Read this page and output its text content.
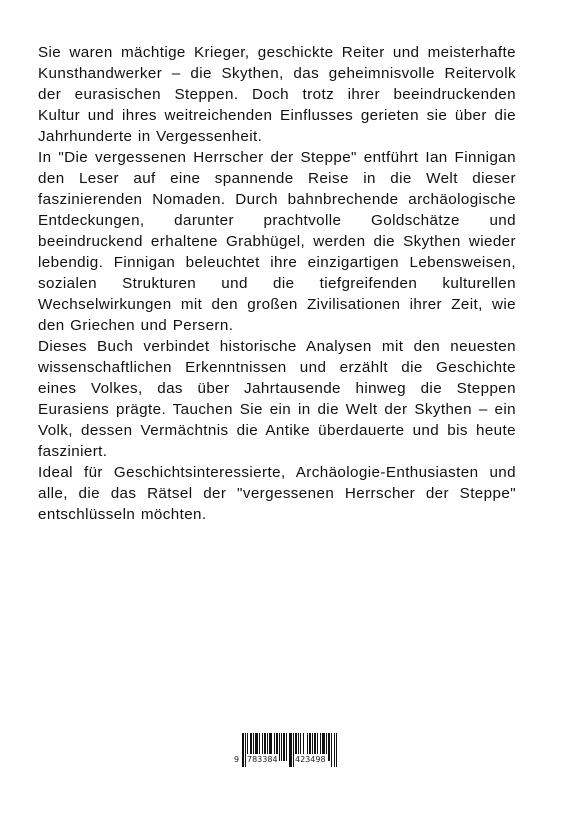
Sie waren mächtige Krieger, geschickte Reiter und meisterhafte Kunsthandwerker – die Skythen, das geheimnisvolle Reitervolk der eurasischen Steppen. Doch trotz ihrer beeindruckenden Kultur und ihres weitreichenden Einflusses gerieten sie über die Jahrhunderte in Vergessenheit.

In "Die vergessenen Herrscher der Steppe" entführt Ian Finnigan den Leser auf eine spannende Reise in die Welt dieser faszinierenden Nomaden. Durch bahnbrechende archäologische Entdeckungen, darunter prachtvolle Goldschätze und beeindruckend erhaltene Grabhügel, werden die Skythen wieder lebendig. Finnigan beleuchtet ihre einzigartigen Lebensweisen, sozialen Strukturen und die tiefgreifenden kulturellen Wechselwirkungen mit den großen Zivilisationen ihrer Zeit, wie den Griechen und Persern.

Dieses Buch verbindet historische Analysen mit den neuesten wissenschaftlichen Erkenntnissen und erzählt die Geschichte eines Volkes, das über Jahrtausende hinweg die Steppen Eurasiens prägte. Tauchen Sie ein in die Welt der Skythen – ein Volk, dessen Vermächtnis die Antike überdauerte und bis heute fasziniert.

Ideal für Geschichtsinteressierte, Archäologie-Enthusiasten und alle, die das Rätsel der "vergessenen Herrscher der Steppe" entschlüsseln möchten.

9 783384 423498
